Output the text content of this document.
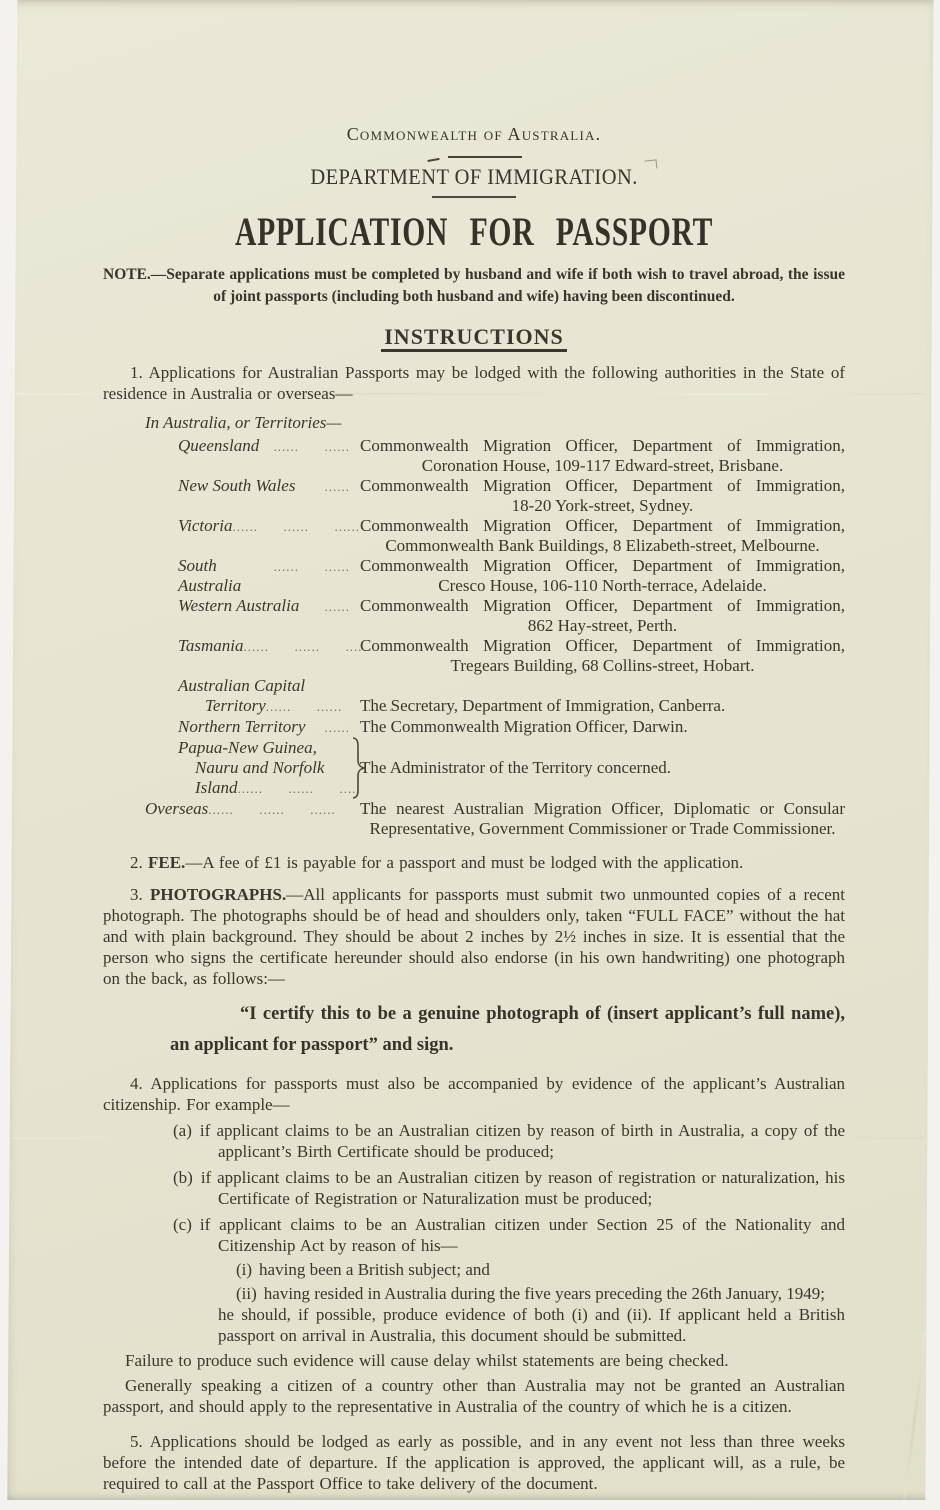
Commonwealth of Australia.
DEPARTMENT OF IMMIGRATION.
APPLICATION FOR PASSPORT
NOTE.—Separate applications must be completed by husband and wife if both wish to travel abroad, the issue
of joint passports (including both husband and wife) having been discontinued.
INSTRUCTIONS

1. Applications for Australian Passports may be lodged with the following authorities in the State of residence in Australia or overseas—

In Australia, or Territories—
Queensland ......      ...... Commonwealth Migration Officer, Department of Immigration,
Coronation House, 109-117 Edward-street, Brisbane.
New South Wales ...... Commonwealth Migration Officer, Department of Immigration,
18-20 York-street, Sydney.
Victoria ......      ......      ...... Commonwealth Migration Officer, Department of Immigration,
Commonwealth Bank Buildings, 8 Elizabeth-street, Melbourne.
South Australia
......      ...... Commonwealth Migration Officer, Department of Immigration,
Cresco House, 106-110 North-terrace, Adelaide.
Western Australia ...... Commonwealth Migration Officer, Department of Immigration,
862 Hay-street, Perth.
Tasmania ......      ......      ......
Commonwealth Migration Officer, Department of Immigration,
Tregears Building, 68 Collins-street, Hobart.
Australian Capital
Territory ......      ......      ......
The Secretary, Department of Immigration, Canberra.
Northern Territory ...... The Commonwealth Migration Officer, Darwin.
Papua-New Guinea,
Nauru and Norfolk
Island ......      ......      .....
The Administrator of the Territory concerned.
Overseas ......      ......      ......      ......
The nearest Australian Migration Officer, Diplomatic or Consular
Representative, Government Commissioner or Trade Commissioner.

2. FEE.—A fee of £1 is payable for a passport and must be lodged with the application.

3. PHOTOGRAPHS.—All applicants for passports must submit two unmounted copies of a recent photograph. The photographs should be of head and shoulders only, taken “FULL FACE” without the hat and with plain background. They should be about 2 inches by 2½ inches in size. It is essential that the person who signs the certificate hereunder should also endorse (in his own handwriting) one photograph on the back, as follows:—

“I certify this to be a genuine photograph of (insert applicant’s full name),
an applicant for passport” and sign.

4. Applications for passports must also be accompanied by evidence of the applicant’s Australian citizenship. For example—

(a) if applicant claims to be an Australian citizen by reason of birth in Australia, a copy of the applicant’s Birth Certificate should be produced;
(b) if applicant claims to be an Australian citizen by reason of registration or naturalization, his Certificate of Registration or Naturalization must be produced;
(c) if applicant claims to be an Australian citizen under Section 25 of the Nationality and Citizenship Act by reason of his—
(i) having been a British subject; and
(ii) having resided in Australia during the five years preceding the 26th January, 1949;
he should, if possible, produce evidence of both (i) and (ii). If applicant held a British passport on arrival in Australia, this document should be submitted.
Failure to produce such evidence will cause delay whilst statements are being checked.
Generally speaking a citizen of a country other than Australia may not be granted an Australian passport, and should apply to the representative in Australia of the country of which he is a citizen.

5. Applications should be lodged as early as possible, and in any event not less than three weeks before the intended date of departure. If the application is approved, the applicant will, as a rule, be required to call at the Passport Office to take delivery of the document.
